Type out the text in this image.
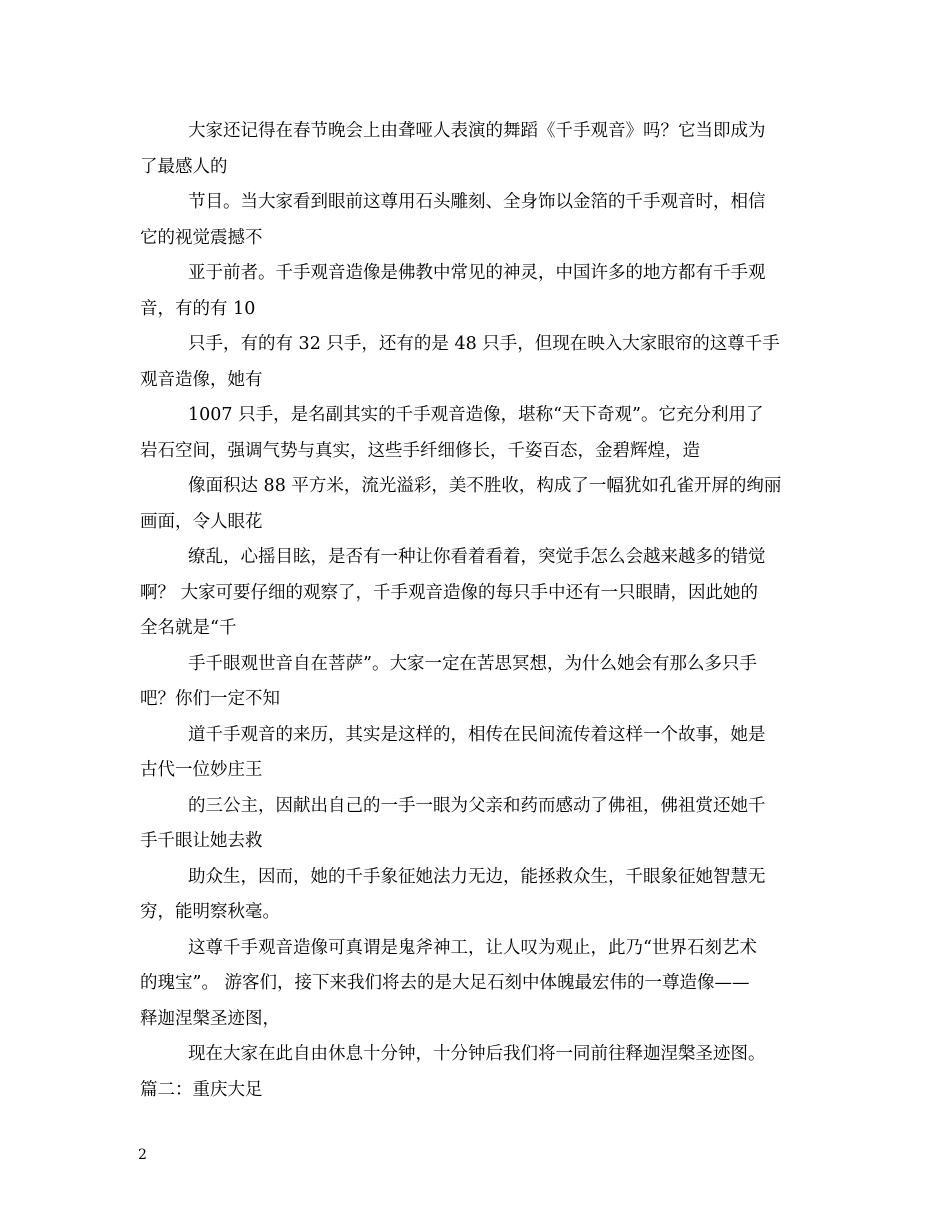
大家还记得在春节晚会上由聋哑人表演的舞蹈《千手观音》吗？它当即成为
了最感人的
节目。当大家看到眼前这尊用石头雕刻、全身饰以金箔的千手观音时，相信
它的视觉震撼不
亚于前者。千手观音造像是佛教中常见的神灵，中国许多的地方都有千手观
音，有的有 10
只手，有的有 32 只手，还有的是 48 只手，但现在映入大家眼帘的这尊千手
观音造像，她有
1007 只手，是名副其实的千手观音造像，堪称“天下奇观”。它充分利用了
岩石空间，强调气势与真实，这些手纤细修长，千姿百态，金碧辉煌，造
像面积达 88 平方米，流光溢彩，美不胜收，构成了一幅犹如孔雀开屏的绚丽
画面，令人眼花
缭乱，心摇目眩，是否有一种让你看着看着，突觉手怎么会越来越多的错觉
啊？ 大家可要仔细的观察了，千手观音造像的每只手中还有一只眼睛，因此她的
全名就是“千
手千眼观世音自在菩萨”。大家一定在苦思冥想，为什么她会有那么多只手
吧？你们一定不知
道千手观音的来历，其实是这样的，相传在民间流传着这样一个故事，她是
古代一位妙庄王
的三公主，因献出自己的一手一眼为父亲和药而感动了佛祖，佛祖赏还她千
手千眼让她去救
助众生，因而，她的千手象征她法力无边，能拯救众生，千眼象征她智慧无
穷，能明察秋毫。
这尊千手观音造像可真谓是鬼斧神工，让人叹为观止，此乃“世界石刻艺术
的瑰宝”。 游客们，接下来我们将去的是大足石刻中体魄最宏伟的一尊造像——
释迦涅槃圣迹图，
现在大家在此自由休息十分钟，十分钟后我们将一同前往释迦涅槃圣迹图。
篇二：重庆大足
2
